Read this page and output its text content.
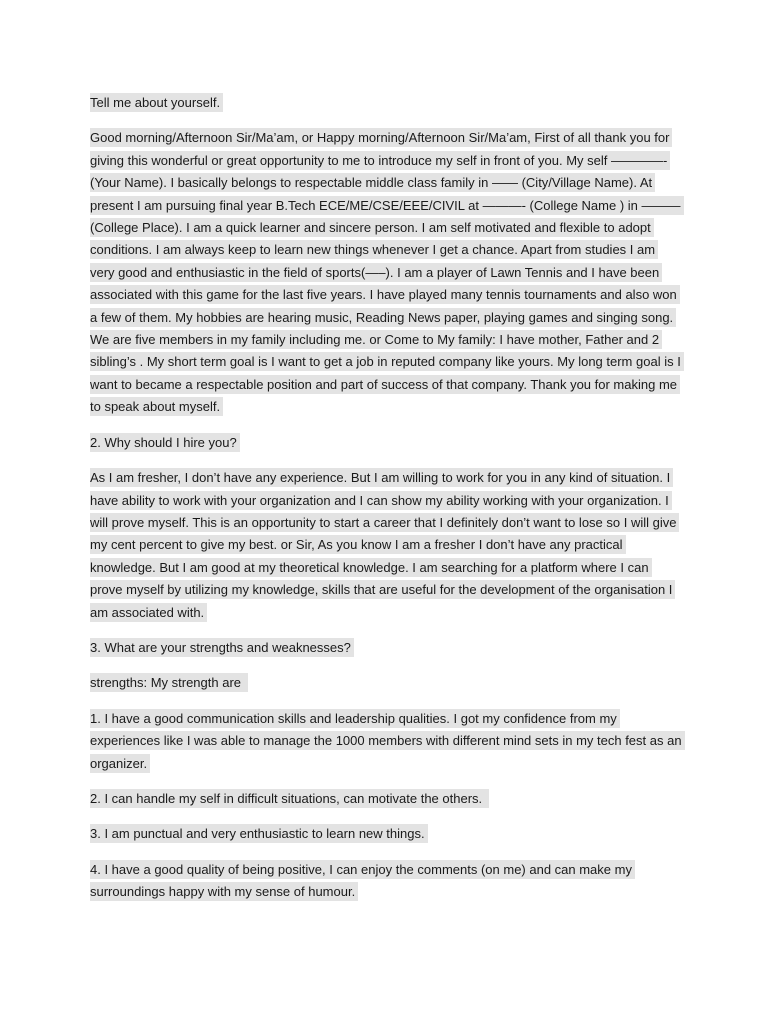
Tell me about yourself.

Good morning/Afternoon Sir/Ma’am, or Happy morning/Afternoon Sir/Ma’am, First of all thank you for giving this wonderful or great opportunity to me to introduce my self in front of you. My self ————-(Your Name). I basically belongs to respectable middle class family in —— (City/Village Name). At present I am pursuing final year B.Tech ECE/ME/CSE/EEE/CIVIL at ———- (College Name ) in ———(College Place). I am a quick learner and sincere person. I am self motivated and flexible to adopt conditions. I am always keep to learn new things whenever I get a chance. Apart from studies I am very good and enthusiastic in the field of sports(—–). I am a player of Lawn Tennis and I have been associated with this game for the last five years. I have played many tennis tournaments and also won a few of them. My hobbies are hearing music, Reading News paper, playing games and singing song. We are five members in my family including me. or Come to My family: I have mother, Father and 2 sibling’s . My short term goal is I want to get a job in reputed company like yours. My long term goal is I want to became a respectable position and part of success of that company. Thank you for making me to speak about myself.

2. Why should I hire you?

As I am fresher, I don’t have any experience. But I am willing to work for you in any kind of situation. I have ability to work with your organization and I can show my ability working with your organization. I will prove myself. This is an opportunity to start a career that I definitely don’t want to lose so I will give my cent percent to give my best. or Sir, As you know I am a fresher I don’t have any practical knowledge. But I am good at my theoretical knowledge. I am searching for a platform where I can prove myself by utilizing my knowledge, skills that are useful for the development of the organisation I am associated with.

3. What are your strengths and weaknesses?

strengths: My strength are

1. I have a good communication skills and leadership qualities. I got my confidence from my experiences like I was able to manage the 1000 members with different mind sets in my tech fest as an organizer.

2. I can handle my self in difficult situations, can motivate the others.

3. I am punctual and very enthusiastic to learn new things.

4. I have a good quality of being positive, I can enjoy the comments (on me) and can make my surroundings happy with my sense of humour.
